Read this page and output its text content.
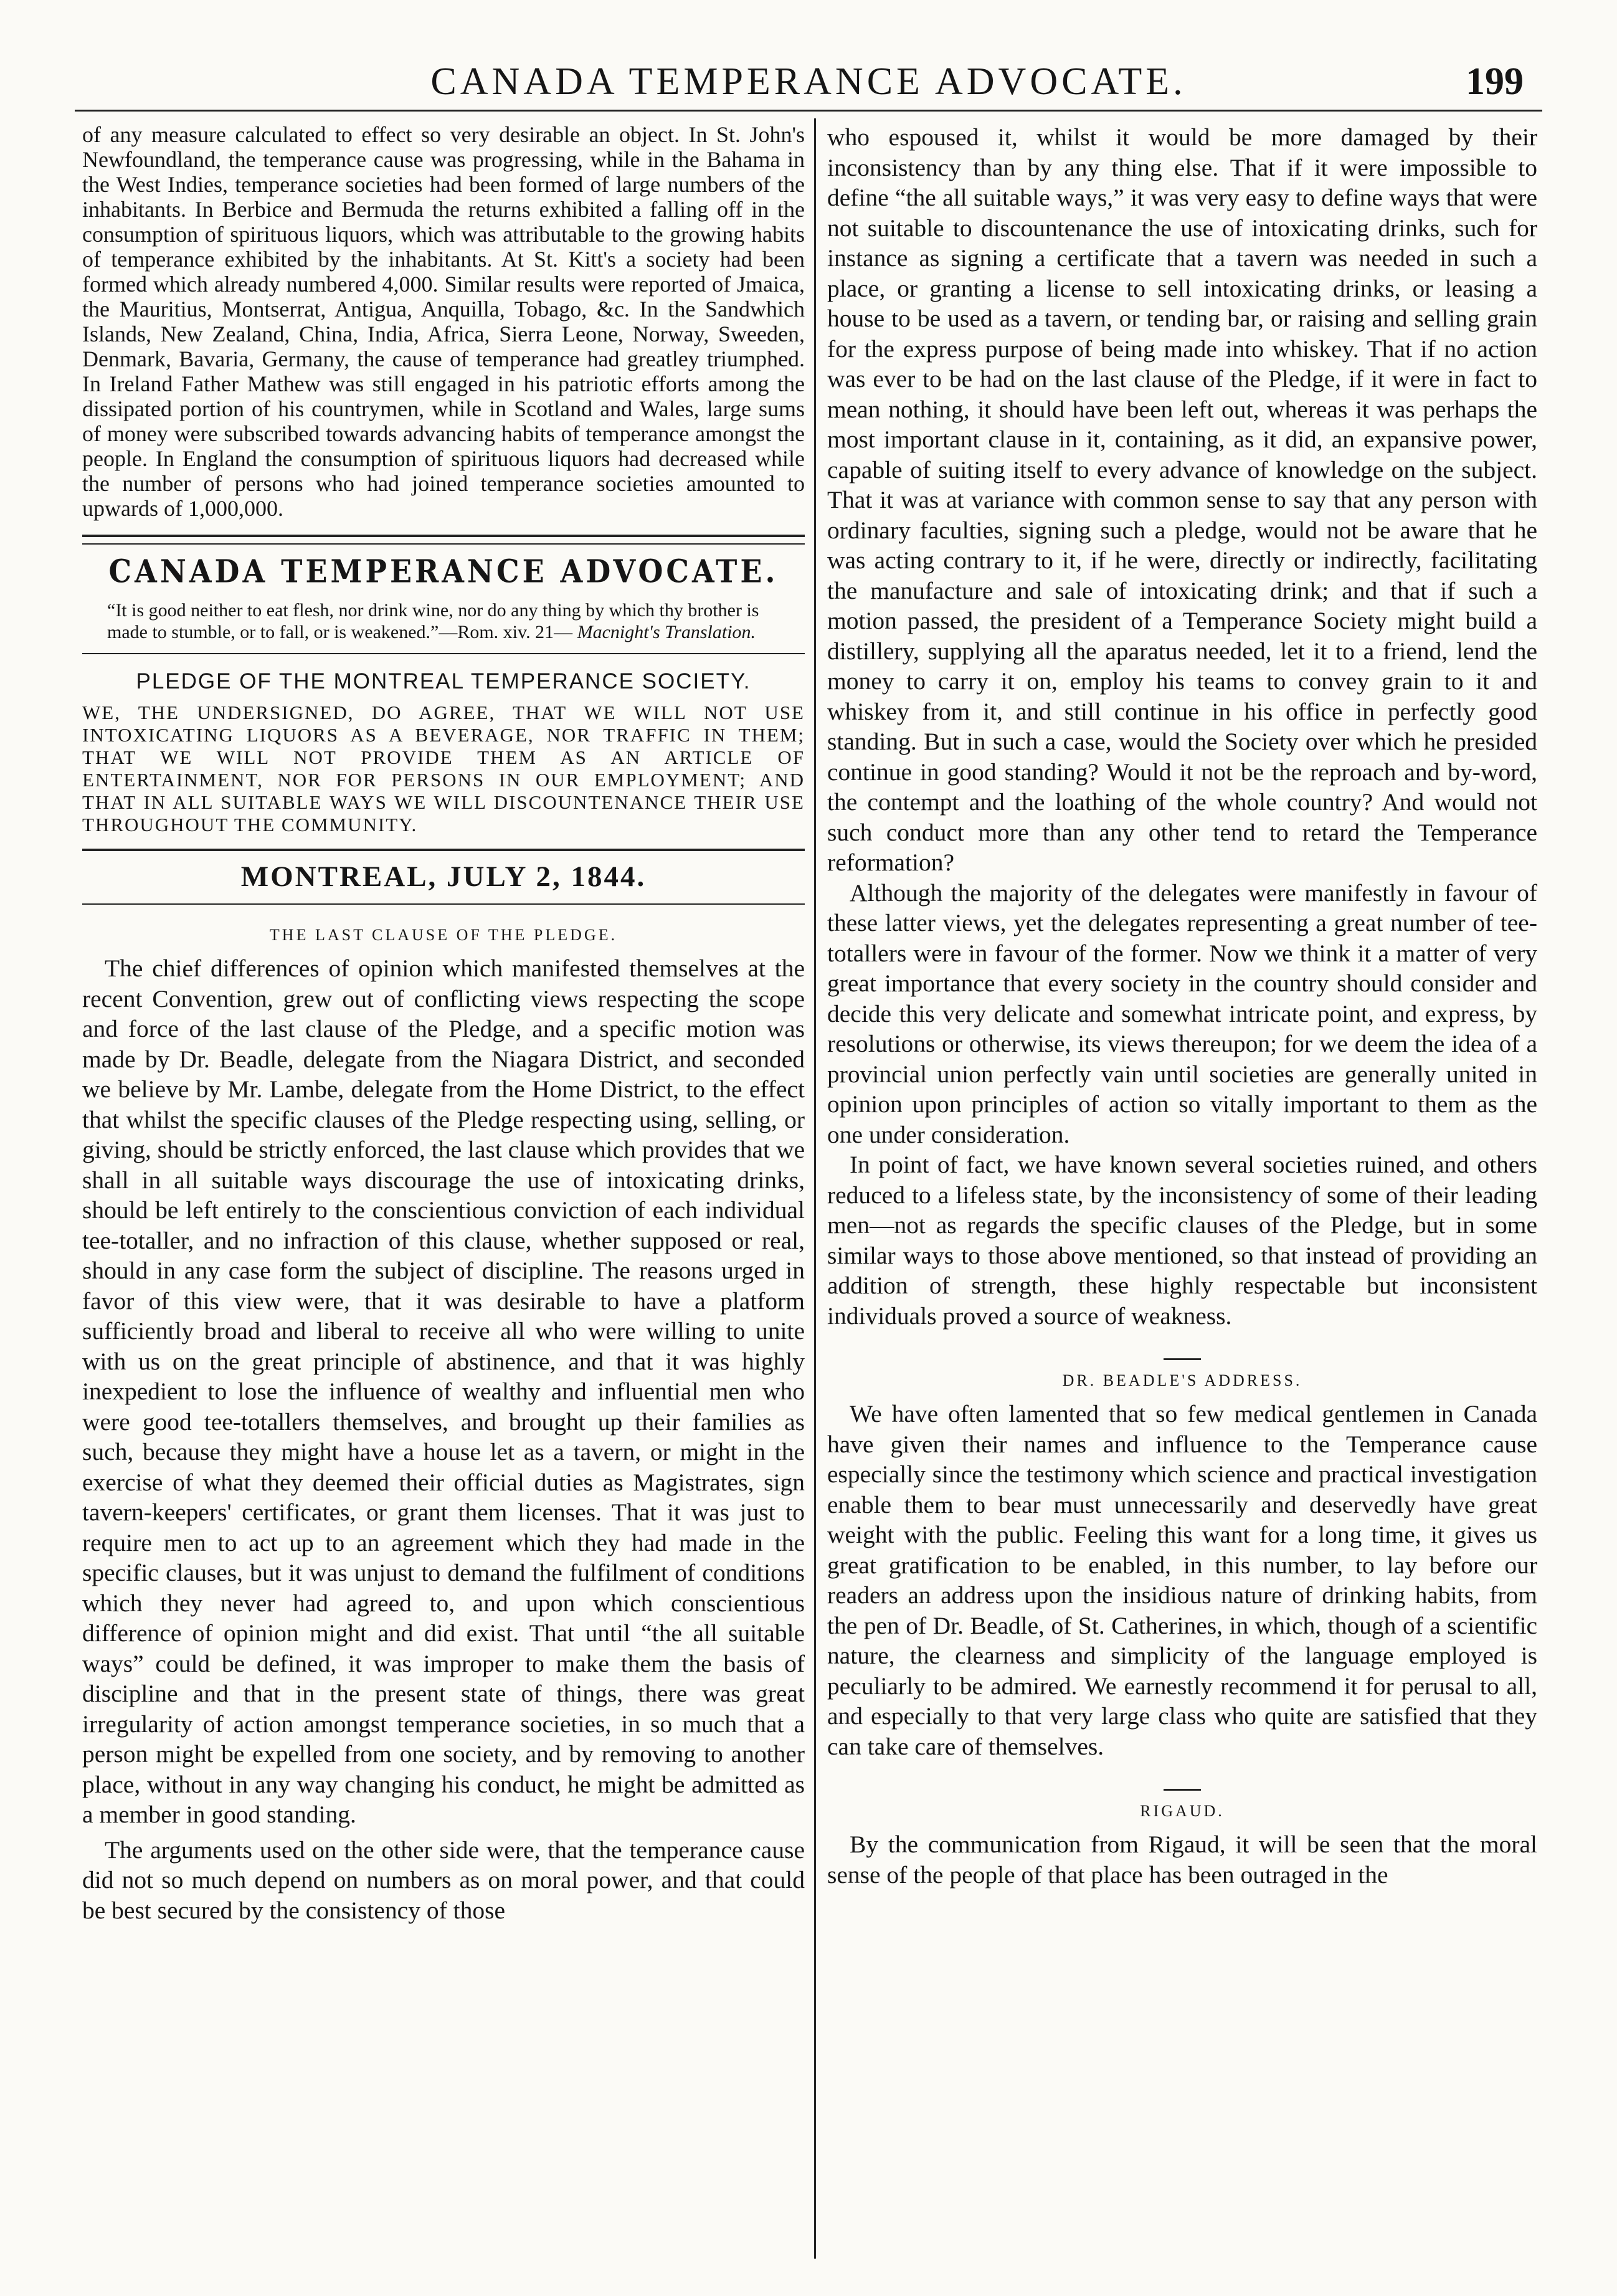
CANADA TEMPERANCE ADVOCATE.	199

of any measure calculated to effect so very desirable an object. In St. John's Newfoundland, the temperance cause was progressing, while in the Bahama in the West Indies, temperance societies had been formed of large numbers of the inhabitants. In Berbice and Bermuda the returns exhibited a falling off in the consumption of spirituous liquors, which was attributable to the growing habits of temperance exhibited by the inhabitants. At St. Kitt's a society had been formed which already numbered 4,000. Similar results were reported of Jmaica, the Mauritius, Montserrat, Antigua, Anquilla, Tobago, &c. In the Sandwhich Islands, New Zealand, China, India, Africa, Sierra Leone, Norway, Sweeden, Denmark, Bavaria, Germany, the cause of temperance had greatley triumphed. In Ireland Father Mathew was still engaged in his patriotic efforts among the dissipated portion of his countrymen, while in Scotland and Wales, large sums of money were subscribed towards advancing habits of temperance amongst the people. In England the consumption of spirituous liquors had decreased while the number of persons who had joined temperance societies amounted to upwards of 1,000,000.

CANADA TEMPERANCE ADVOCATE.
“It is good neither to eat flesh, nor drink wine, nor do any thing by which thy brother is made to stumble, or to fall, or is weakened.”—Rom. xiv. 21— Macnight's Translation.
PLEDGE OF THE MONTREAL TEMPERANCE SOCIETY.

WE, THE UNDERSIGNED, DO AGREE, THAT WE WILL NOT USE INTOXICATING LIQUORS AS A BEVERAGE, NOR TRAFFIC IN THEM; THAT WE WILL NOT PROVIDE THEM AS AN ARTICLE OF ENTERTAINMENT, NOR FOR PERSONS IN OUR EMPLOYMENT; AND THAT IN ALL SUITABLE WAYS WE WILL DISCOUNTENANCE THEIR USE THROUGHOUT THE COMMUNITY.

MONTREAL, JULY 2, 1844.
THE LAST CLAUSE OF THE PLEDGE.

The chief differences of opinion which manifested themselves at the recent Convention, grew out of conflicting views respecting the scope and force of the last clause of the Pledge, and a specific motion was made by Dr. Beadle, delegate from the Niagara District, and seconded we believe by Mr. Lambe, delegate from the Home District, to the effect that whilst the specific clauses of the Pledge respecting using, selling, or giving, should be strictly enforced, the last clause which provides that we shall in all suitable ways discourage the use of intoxicating drinks, should be left entirely to the conscientious conviction of each individual tee-totaller, and no infraction of this clause, whether supposed or real, should in any case form the subject of discipline. The reasons urged in favor of this view were, that it was desirable to have a platform sufficiently broad and liberal to receive all who were willing to unite with us on the great principle of abstinence, and that it was highly inexpedient to lose the influence of wealthy and influential men who were good tee-totallers themselves, and brought up their families as such, because they might have a house let as a tavern, or might in the exercise of what they deemed their official duties as Magistrates, sign tavern-keepers' certificates, or grant them licenses. That it was just to require men to act up to an agreement which they had made in the specific clauses, but it was unjust to demand the fulfilment of conditions which they never had agreed to, and upon which conscientious difference of opinion might and did exist. That until “the all suitable ways” could be defined, it was improper to make them the basis of discipline and that in the present state of things, there was great irregularity of action amongst temperance societies, in so much that a person might be expelled from one society, and by removing to another place, without in any way changing his conduct, he might be admitted as a member in good standing.

The arguments used on the other side were, that the temperance cause did not so much depend on numbers as on moral power, and that could be best secured by the consistency of those

who espoused it, whilst it would be more damaged by their inconsistency than by any thing else. That if it were impossible to define “the all suitable ways,” it was very easy to define ways that were not suitable to discountenance the use of intoxicating drinks, such for instance as signing a certificate that a tavern was needed in such a place, or granting a license to sell intoxicating drinks, or leasing a house to be used as a tavern, or tending bar, or raising and selling grain for the express purpose of being made into whiskey. That if no action was ever to be had on the last clause of the Pledge, if it were in fact to mean nothing, it should have been left out, whereas it was perhaps the most important clause in it, containing, as it did, an expansive power, capable of suiting itself to every advance of knowledge on the subject. That it was at variance with common sense to say that any person with ordinary faculties, signing such a pledge, would not be aware that he was acting contrary to it, if he were, directly or indirectly, facilitating the manufacture and sale of intoxicating drink; and that if such a motion passed, the president of a Temperance Society might build a distillery, supplying all the aparatus needed, let it to a friend, lend the money to carry it on, employ his teams to convey grain to it and whiskey from it, and still continue in his office in perfectly good standing. But in such a case, would the Society over which he presided continue in good standing? Would it not be the reproach and by-word, the contempt and the loathing of the whole country? And would not such conduct more than any other tend to retard the Temperance reformation?

Although the majority of the delegates were manifestly in favour of these latter views, yet the delegates representing a great number of tee-totallers were in favour of the former. Now we think it a matter of very great importance that every society in the country should consider and decide this very delicate and somewhat intricate point, and express, by resolutions or otherwise, its views thereupon; for we deem the idea of a provincial union perfectly vain until societies are generally united in opinion upon principles of action so vitally important to them as the one under consideration.

In point of fact, we have known several societies ruined, and others reduced to a lifeless state, by the inconsistency of some of their leading men—not as regards the specific clauses of the Pledge, but in some similar ways to those above mentioned, so that instead of providing an addition of strength, these highly respectable but inconsistent individuals proved a source of weakness.

DR. BEADLE'S ADDRESS.

We have often lamented that so few medical gentlemen in Canada have given their names and influence to the Temperance cause especially since the testimony which science and practical investigation enable them to bear must unnecessarily and deservedly have great weight with the public. Feeling this want for a long time, it gives us great gratification to be enabled, in this number, to lay before our readers an address upon the insidious nature of drinking habits, from the pen of Dr. Beadle, of St. Catherines, in which, though of a scientific nature, the clearness and simplicity of the language employed is peculiarly to be admired. We earnestly recommend it for perusal to all, and especially to that very large class who quite are satisfied that they can take care of themselves.

RIGAUD.

By the communication from Rigaud, it will be seen that the moral sense of the people of that place has been outraged in the
